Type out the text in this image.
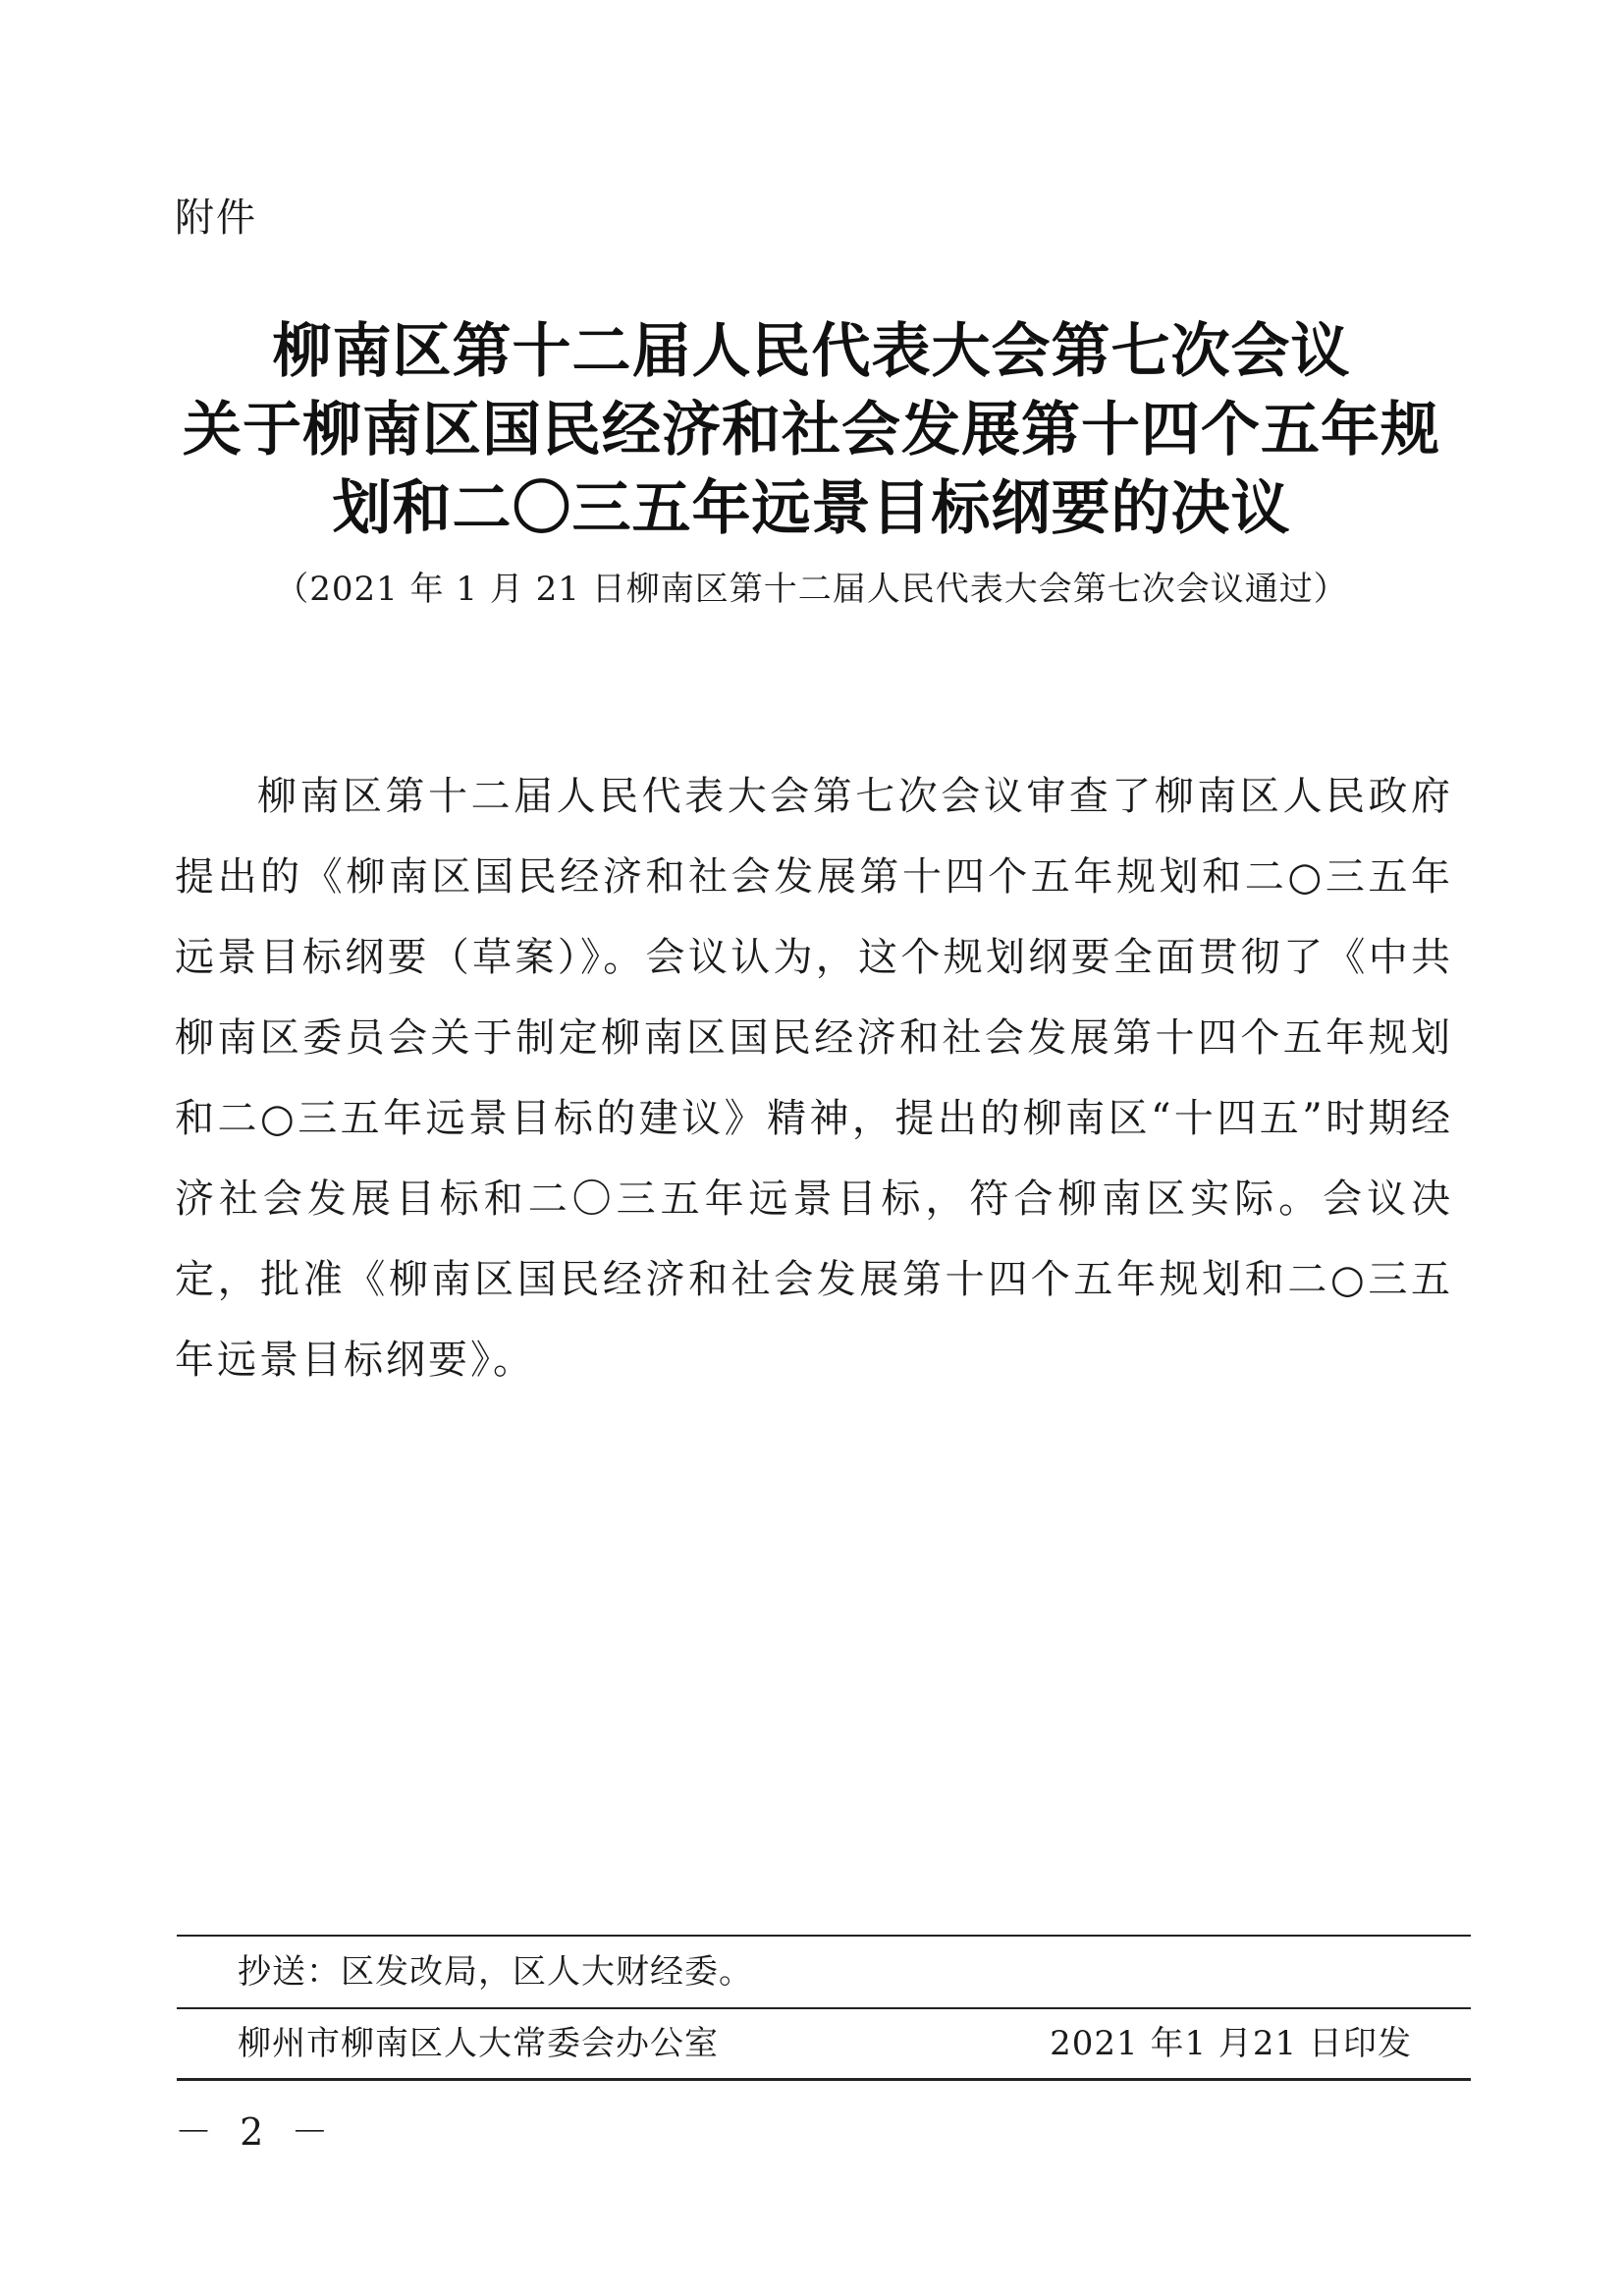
附件
柳南区第十二届人民代表大会第七次会议
关于柳南区国民经济和社会发展第十四个五年规
划和二〇三五年远景目标纲要的决议
（2021 年 1 月 21 日柳南区第十二届人民代表大会第七次会议通过）
柳南区第十二届人民代表大会第七次会议审查了柳南区人民政府提出的《柳南区国民经济和社会发展第十四个五年规划和二○三五年远景目标纲要（草案）》。会议认为，这个规划纲要全面贯彻了《中共柳南区委员会关于制定柳南区国民经济和社会发展第十四个五年规划和二○三五年远景目标的建议》精神，提出的柳南区“十四五”时期经济社会发展目标和二〇三五年远景目标，符合柳南区实际。会议决定，批准《柳南区国民经济和社会发展第十四个五年规划和二○三五年远景目标纲要》。
抄送：区发改局，区人大财经委。
柳州市柳南区人大常委会办公室	2021 年1 月21 日印发
－ 2 －
